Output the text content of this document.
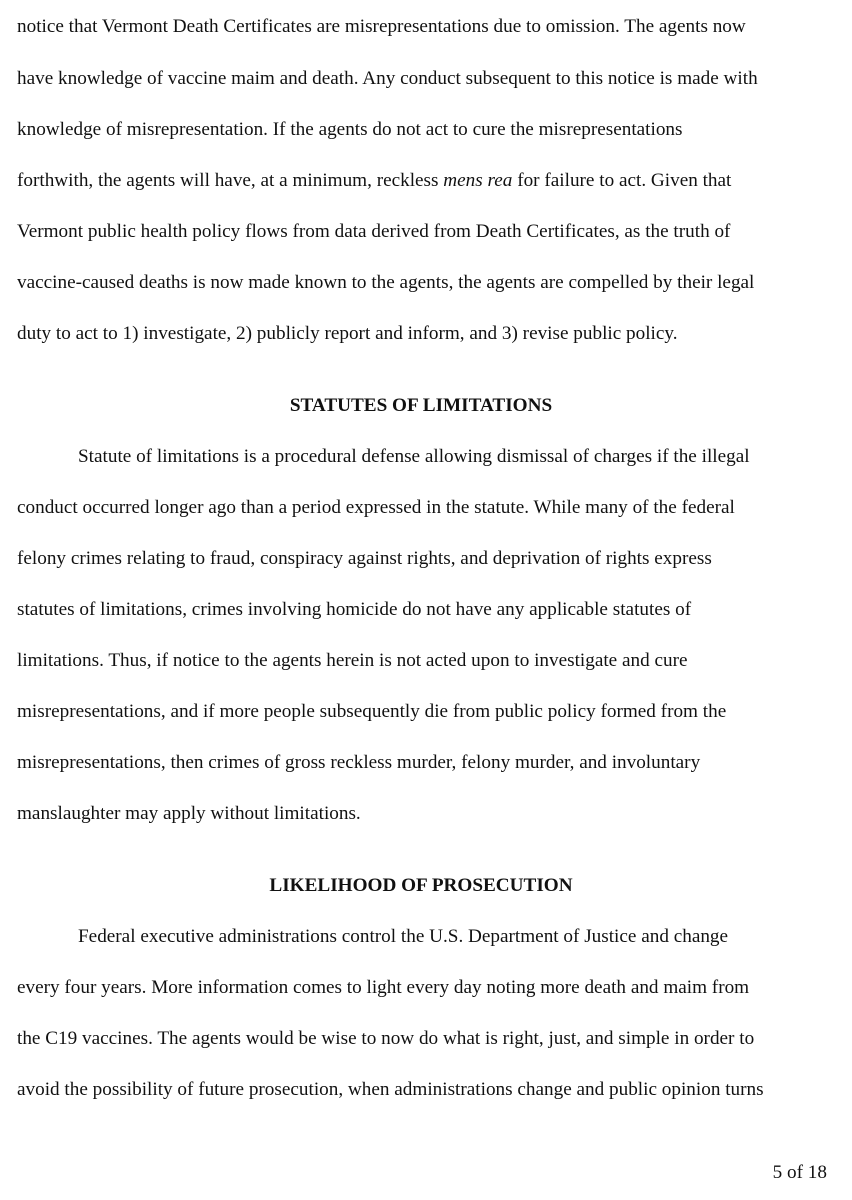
notice that Vermont Death Certificates are misrepresentations due to omission. The agents now

have knowledge of vaccine maim and death. Any conduct subsequent to this notice is made with

knowledge of misrepresentation. If the agents do not act to cure the misrepresentations

forthwith, the agents will have, at a minimum, reckless mens rea for failure to act. Given that

Vermont public health policy flows from data derived from Death Certificates, as the truth of

vaccine-caused deaths is now made known to the agents, the agents are compelled by their legal

duty to act to 1) investigate, 2) publicly report and inform, and 3) revise public policy.

STATUTES OF LIMITATIONS

Statute of limitations is a procedural defense allowing dismissal of charges if the illegal

conduct occurred longer ago than a period expressed in the statute. While many of the federal

felony crimes relating to fraud, conspiracy against rights, and deprivation of rights express

statutes of limitations, crimes involving homicide do not have any applicable statutes of

limitations. Thus, if notice to the agents herein is not acted upon to investigate and cure

misrepresentations, and if more people subsequently die from public policy formed from the

misrepresentations, then crimes of gross reckless murder, felony murder, and involuntary

manslaughter may apply without limitations.

LIKELIHOOD OF PROSECUTION

Federal executive administrations control the U.S. Department of Justice and change

every four years. More information comes to light every day noting more death and maim from

the C19 vaccines. The agents would be wise to now do what is right, just, and simple in order to

avoid the possibility of future prosecution, when administrations change and public opinion turns

5 of 18
